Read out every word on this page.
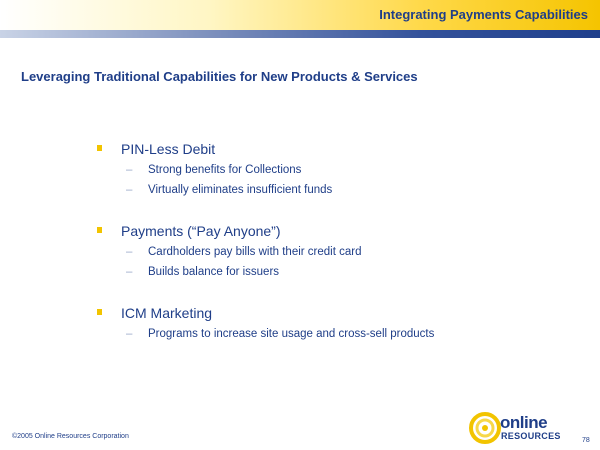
Integrating Payments Capabilities
Leveraging Traditional Capabilities for New Products & Services
PIN-Less Debit
– Strong benefits for Collections
– Virtually eliminates insufficient funds
Payments (“Pay Anyone”)
– Cardholders pay bills with their credit card
– Builds balance for issuers
ICM Marketing
– Programs to increase site usage and cross-sell products
©2005 Online Resources Corporation
online
RESOURCES	78
